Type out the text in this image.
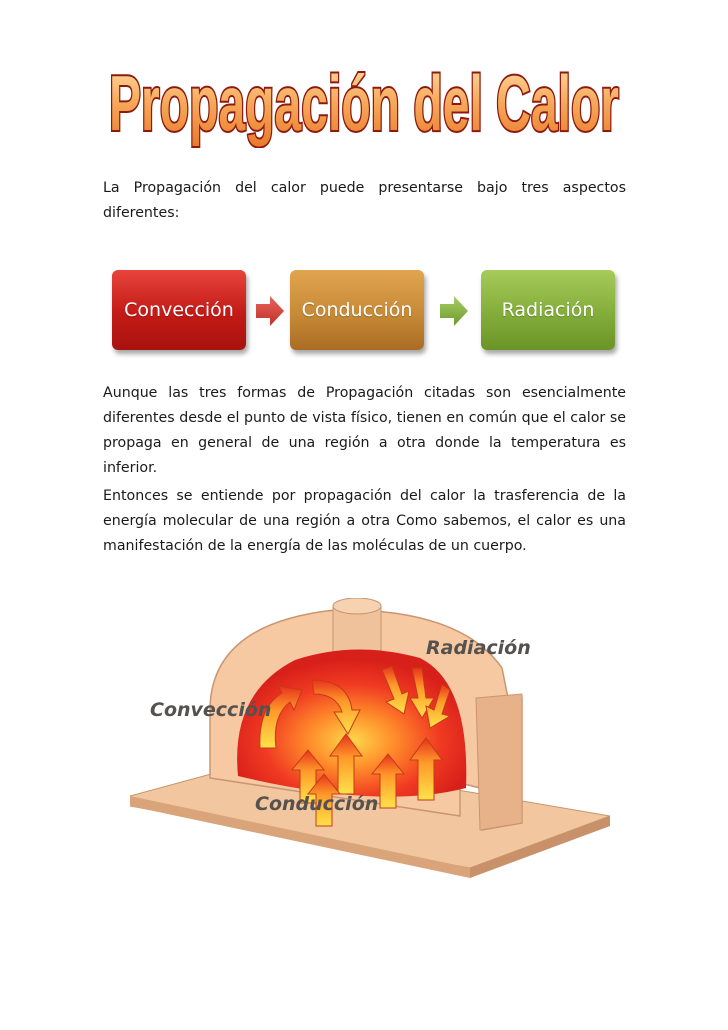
Propagación del Calor

La Propagación del calor puede presentarse bajo tres aspectos diferentes:

Convección	Conducción	Radiación

Aunque las tres formas de Propagación citadas son esencialmente diferentes desde el punto de vista físico, tienen en común que el calor se propaga en general de una región a otra donde la temperatura es inferior.

Entonces se entiende por propagación del calor la trasferencia de la energía molecular de una región a otra Como sabemos, el calor es una manifestación de la energía de las moléculas de un cuerpo.

Convección
Radiación
Conducción
